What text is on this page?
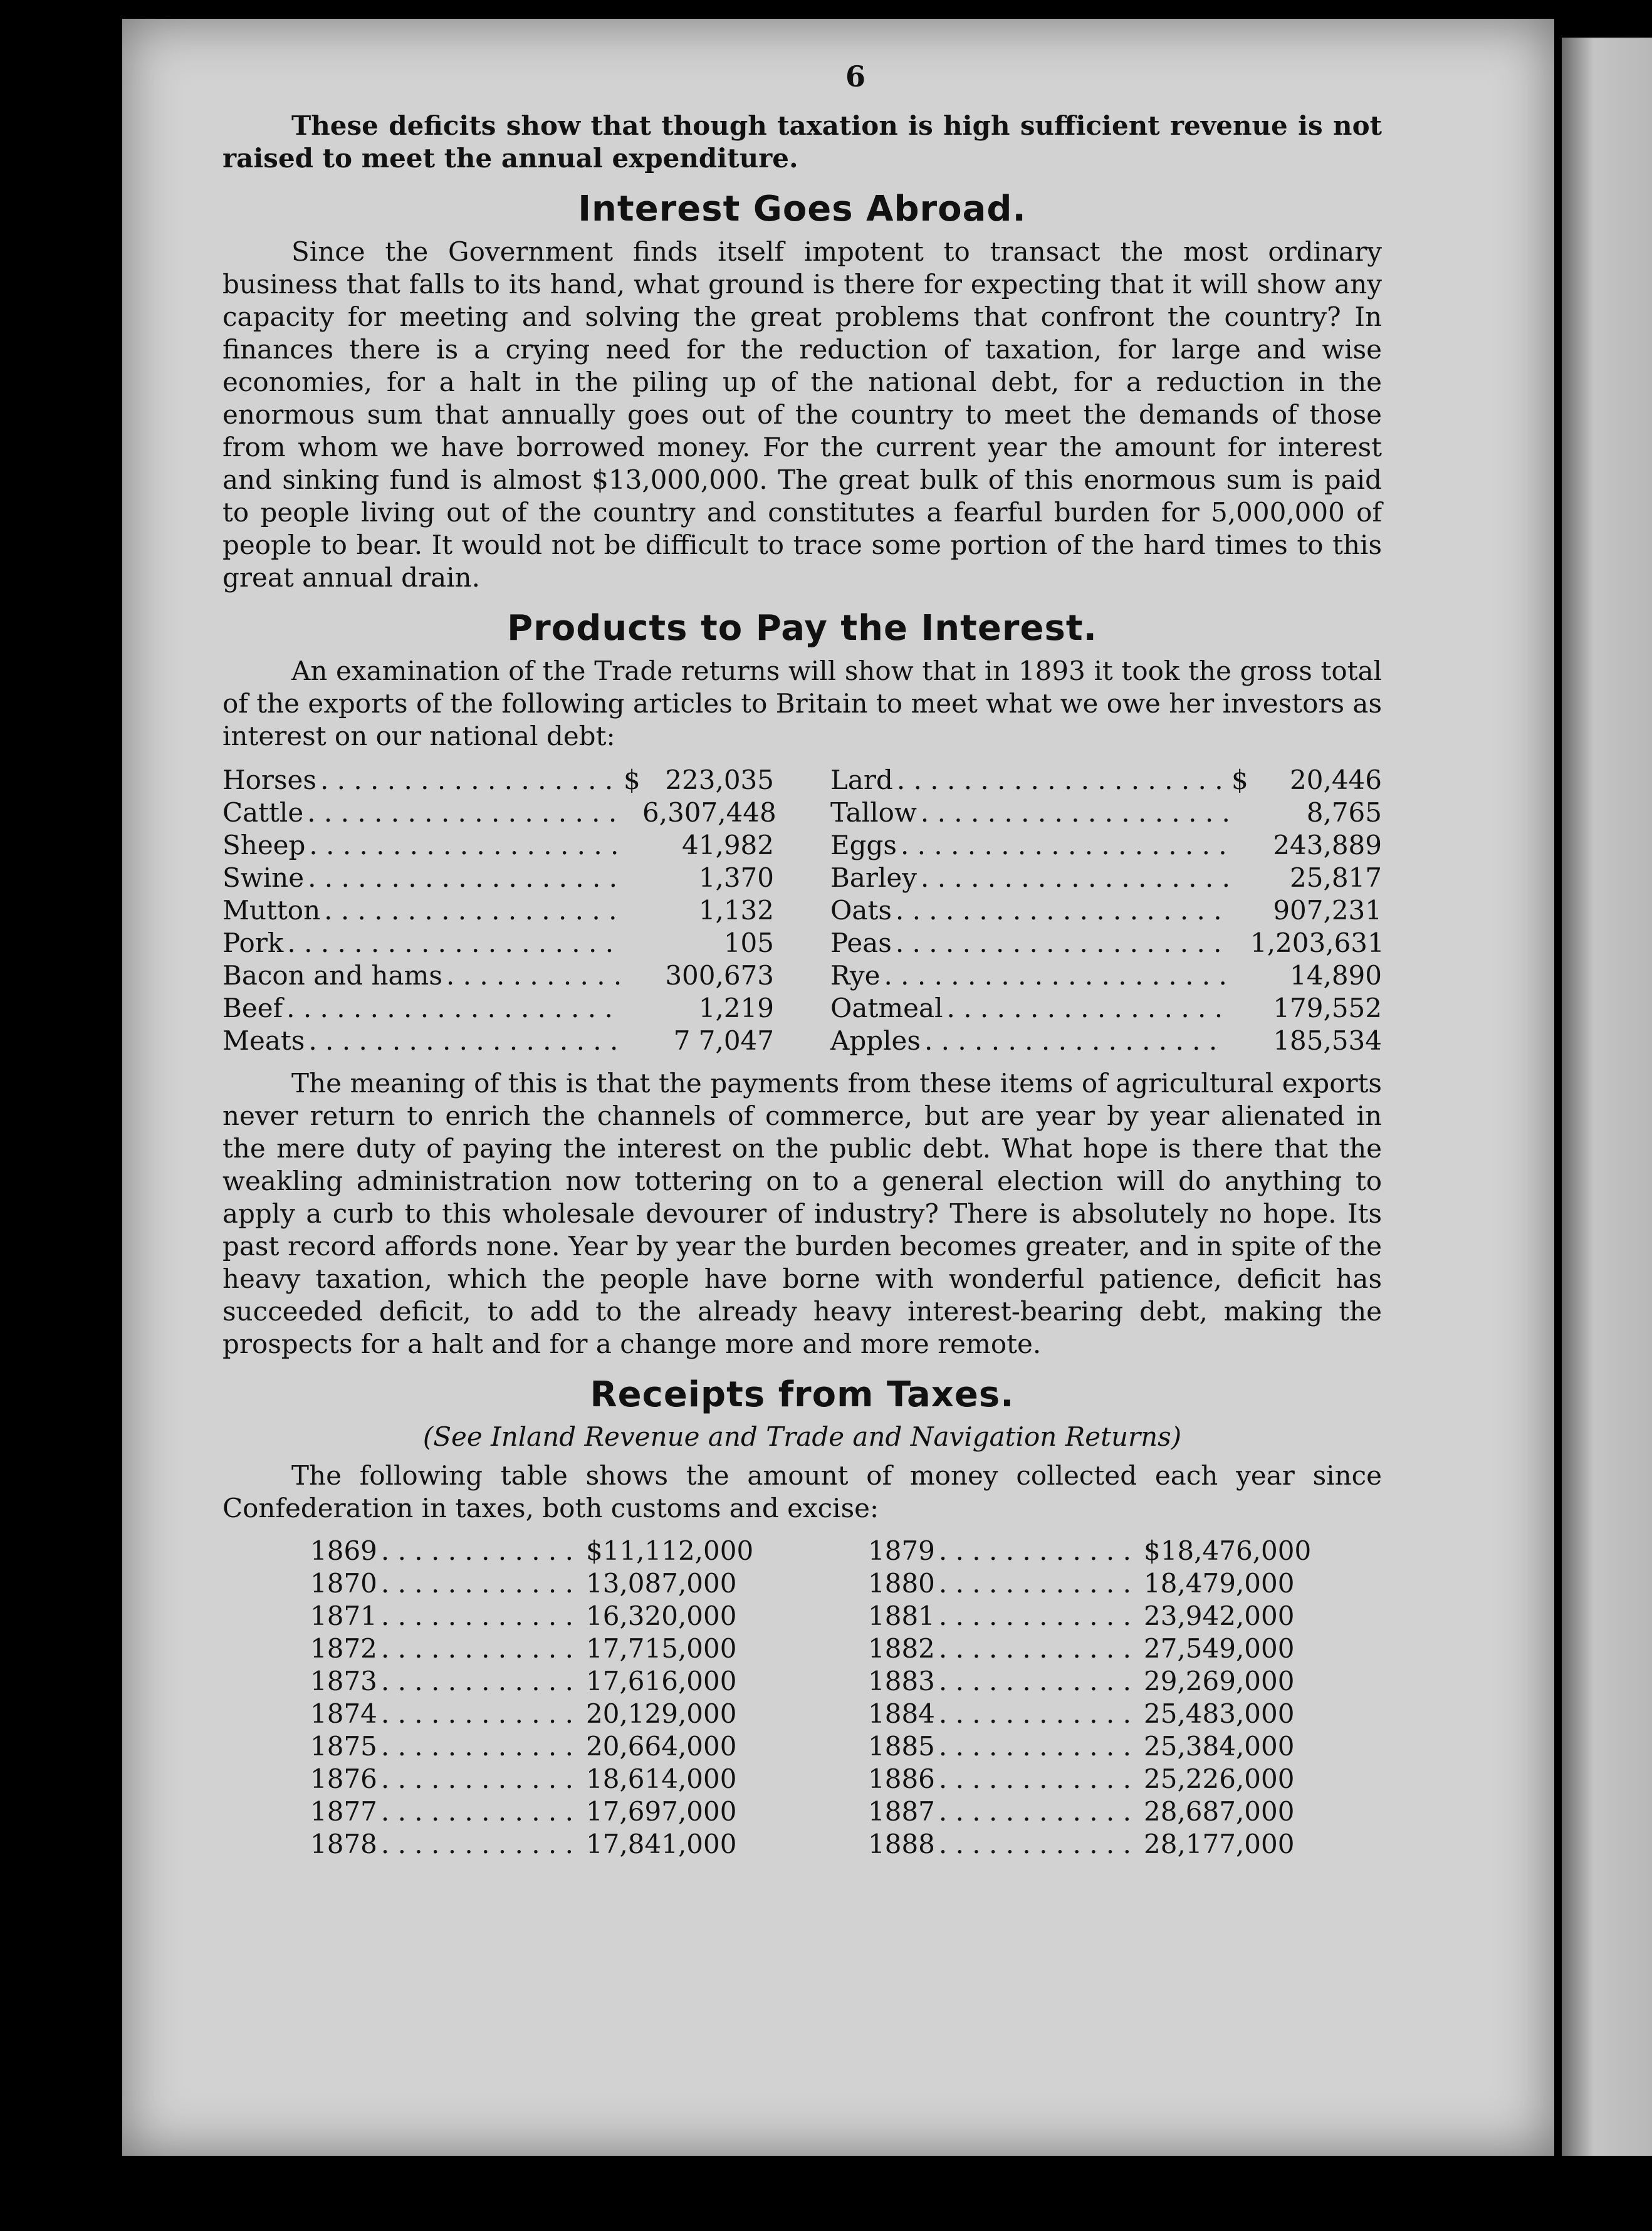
6

These deficits show that though taxation is high sufficient revenue is not raised to meet the annual expenditure.

Interest Goes Abroad.

Since the Government finds itself impotent to transact the most ordinary business that falls to its hand, what ground is there for expecting that it will show any capacity for meeting and solving the great problems that confront the country? In finances there is a crying need for the reduction of taxation, for large and wise economies, for a halt in the piling up of the national debt, for a reduction in the enormous sum that annually goes out of the country to meet the demands of those from whom we have borrowed money. For the current year the amount for interest and sinking fund is almost $13,000,000. The great bulk of this enormous sum is paid to people living out of the country and constitutes a fearful burden for 5,000,000 of people to bear. It would not be difficult to trace some portion of the hard times to this great annual drain.

Products to Pay the Interest.

An examination of the Trade returns will show that in 1893 it took the gross total of the exports of the following articles to Britain to meet what we owe her investors as interest on our national debt:

Horses . . .	$ 223,035
Cattle . . .	6,307,448
Sheep . . .	41,982
Swine . . .	1,370
Mutton . . .	1,132
Pork . . .	105
Bacon and hams . . .	300,673
Beef . . .	1,219
Meats . . .	7 7,047
Lard . . .	$	20,446
Tallow . . .	8,765
Eggs . . .	243,889
Barley . . .	25,817
Oats . . .	907,231
Peas . . .	1,203,631
Rye . . .	14,890
Oatmeal . . .	179,552
Apples . . .	185,534

The meaning of this is that the payments from these items of agricultural exports never return to enrich the channels of commerce, but are year by year alienated in the mere duty of paying the interest on the public debt. What hope is there that the weakling administration now tottering on to a general election will do anything to apply a curb to this wholesale devourer of industry? There is absolutely no hope. Its past record affords none. Year by year the burden becomes greater, and in spite of the heavy taxation, which the people have borne with wonderful patience, deficit has succeeded deficit, to add to the already heavy interest-bearing debt, making the prospects for a halt and for a change more and more remote.

Receipts from Taxes.
(See Inland Revenue and Trade and Navigation Returns)

The following table shows the amount of money collected each year since Confederation in taxes, both customs and excise:

1869 . . .	$11,112,000
1870 . . .	13,087,000
1871 . . .	16,320,000
1872 . . .	17,715,000
1873 . . .	17,616,000
1874 . . .	20,129,000
1875 . . .	20,664,000
1876 . . .	18,614,000
1877 . . .	17,697,000
1878 . . .	17,841,000
1879 . . .	$18,476,000
1880 . . .	18,479,000
1881 . . .	23,942,000
1882 . . .	27,549,000
1883 . . .	29,269,000
1884 . . .	25,483,000
1885 . . .	25,384,000
1886 . . .	25,226,000
1887 . . .	28,687,000
1888 . . .	28,177,000
